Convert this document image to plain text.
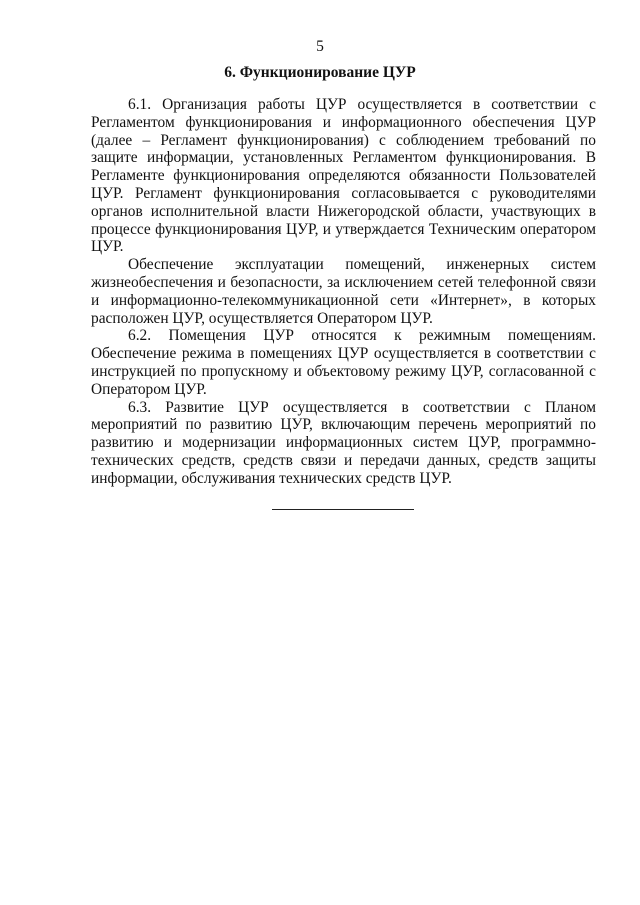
5
6. Функционирование ЦУР

6.1. Организация работы ЦУР осуществляется в соответствии с Регламентом функционирования и информационного обеспечения ЦУР (далее – Регламент функционирования) с соблюдением требований по защите информации, установленных Регламентом функционирования. В Регламенте функционирования определяются обязанности Пользователей ЦУР. Регламент функционирования согласовывается с руководителями органов исполнительной власти Нижегородской области, участвующих в процессе функционирования ЦУР, и утверждается Техническим оператором ЦУР.

Обеспечение эксплуатации помещений, инженерных систем жизнеобеспечения и безопасности, за исключением сетей телефонной связи и информационно-телекоммуникационной сети «Интернет», в которых расположен ЦУР, осуществляется Оператором ЦУР.

6.2. Помещения ЦУР относятся к режимным помещениям. Обеспечение режима в помещениях ЦУР осуществляется в соответствии с инструкцией по пропускному и объектовому режиму ЦУР, согласованной с Оператором ЦУР.

6.3. Развитие ЦУР осуществляется в соответствии с Планом мероприятий по развитию ЦУР, включающим перечень мероприятий по развитию и модернизации информационных систем ЦУР, программно-технических средств, средств связи и передачи данных, средств защиты информации, обслуживания технических средств ЦУР.
